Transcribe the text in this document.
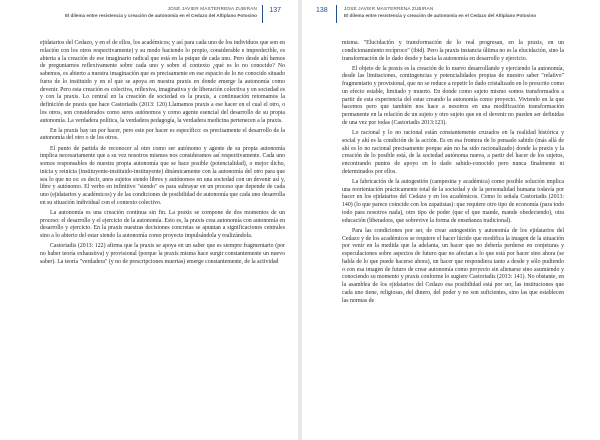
JOSÉ JAVIER MASTERRENA ZUBIRAN
El dilema entre resistencia y creación de autonomía en el Cedazo del Altiplano Potosino
137

ejidatarios del Cedazo, y en el de ellos, los académicos; y así para cada uno de los individuos que son en relación con los otros respectivamente) y su modo haciendo lo propio, considerable e impredecible, es abierta a la creación de ese imaginario radical que está en la psique de cada uno. Pero desde ahí hemos de preguntarnos reflexivamente sobre cada uno y sobre el contexto ¿qué es lo no conocido? No sabemos, es abierto a nuestra imaginación que es precisamente en ese espacio de lo no conocido situado fuera de lo instituido y en el que se apoya en nuestra praxis en donde emerge la autonomía como devenir. Pero esta creación es colectiva, reflexiva, imaginativa y de liberación colectiva y en sociedad es y con la praxis. Lo central en la creación de sociedad es la praxis, a continuación retomamos la definición de praxis que hace Castoriadis (2013: 120) Llamamos praxis a ese hacer en el cual el otro, o los otros, son considerados como seres autónomos y como agente esencial del desarrollo de su propia autonomía. La verdadera política, la verdadera pedagogía, la verdadera medicina pertenecen a la praxis.

En la praxis hay un por hacer, pero este por hacer es específico: es precisamente el desarrollo de la autonomía del otro o de los otros.

El punto de partida de reconocer al otro como ser autónomo y agente de su propia autonomía implica necesariamente que a su vez nosotros mismos nos consideramos así respectivamente. Cada uno somos responsables de nuestra propia autonomía que se hace posible (potencialidad), o mejor dicho, inicia y reinicia (instituyente-instituido-instituyente) dinámicamente con la autonomía del otro para que sea lo que no es: es decir, unos sujetos siendo libres y autónomos en una sociedad con un devenir así y, libre y autónomo. El verbo en infinitivo "siendo" es para subrayar en un proceso que depende de cada uno (ejidatarios y académicos) y de las condiciones de posibilidad de autonomía que cada uno desarrolla en su situación individual con el contexto colectivo.

La autonomía es una creación continua sin fin. La praxis se compone de dos momentos de un proceso: el desarrollo y el ejercicio de la autonomía. Esto es, la praxis crea autonomía con autonomía en desarrollo y ejercicio. En la praxis nuestras decisiones concretas se apuntan a significaciones centrales sino a lo abierto del estar siendo la autonomía como proyecto impulsándola y realizándola.

Castoriadis (2013: 122) afirma que la praxis se apoya en un saber que es siempre fragmentario (por no haber teoría exhaustiva) y provisional (porque la praxis misma hace surgir constantemente un nuevo saber). La teoría "verdadera" (y no de prescripciones muertas) emerge constantemente, de la actividad

138	JOSÉ JAVIER MASTERRENA ZUBIRAN
El dilema entre resistencia y creación de autonomía en el Cedazo del Altiplano Potosino

misma. "Elucidación y transformación de lo real progresan, en la praxis, en un condicionamiento recíproco" (ibid). Pero la praxis instancia última no es la elucidación, sino la transformación de lo dado desde y hacia la autonomía en desarrollo y ejercicio.

El objeto de la praxis es la creación de lo nuevo desarrollando y ejerciendo la autonomía, desde las limitaciones, contingencias y potencialidades propias de nuestro saber "relativo" fragmentario y provisional, que no se reduce a repetir lo dado cristalizado en lo prescrito como un efecto estable, limitado y muerto. En donde como sujeto mismo somos transformados a partir de esta experiencia del estar creando la autonomía como proyecto. Viviendo en la que hacemos pero que también nos hace a nosotros en una modificación transformación permanente en la relación de un sujeto y otro sujeto que en el devenir no pueden ser definidas de una vez por todas (Castoriadis 2013:123).

Lo racional y lo no racional están constantemente cruzados en la realidad histórica y social y ahí es la condición de la acción. Es en esa frontera de lo pensado sabido (más allá de ahí es lo no racional precisamente porque aún no ha sido racionalizado) donde la praxis y la creación de lo posible está, de la sociedad autónoma nueva, a partir del hacer de los sujetos, encontrando puntos de apoyo en lo dado sabido-conocido pero nunca finalmente ni determinados por ellos.

La fabricación de la autogestión (campesina y académica) como posible solución implica una reorientación prácticamente total de la sociedad y de la personalidad humana todavía por hacer en los ejidatarios del Cedazo y en los académicos. Como lo señala Castoriadis (2013: 140) (lo que parece coincide con los zapatistas): que requiere otro tipo de economía (para todo todo para nosotros nada), otro tipo de poder (que el que mande, mande obedeciendo), otra educación (liberadora, que sobrevive la forma de enseñanza tradicional).

Para las condiciones por ser, de crear autogestión y autonomía de los ejidatarios del Cedazo y de los académicos se requiere el hacer lúcido que modifica la imagen de la situación por venir en la medida que la adelanta, un hacer que no debería perderse en conjeturas y especulaciones sobre aspectos de futuro que no afectan a lo que está por hacer sino ahora (se habla de lo que puede hacerse ahora), un hacer que respondiera tanto a desde y sólo pudiendo o con esa imagen de futuro de crear autonomía como proyecto sin alienarse sino asumiendo y conociendo su momento y praxis conforme lo sugiere Castoriadis (2013: 141). No obstante, en la asamblea de los ejidatarios del Cedazo esa posibilidad está por ser, las instituciones que cada uno tiene, religiosas, del dinero, del poder y no son suficientes, sino las que establecen las normas de
